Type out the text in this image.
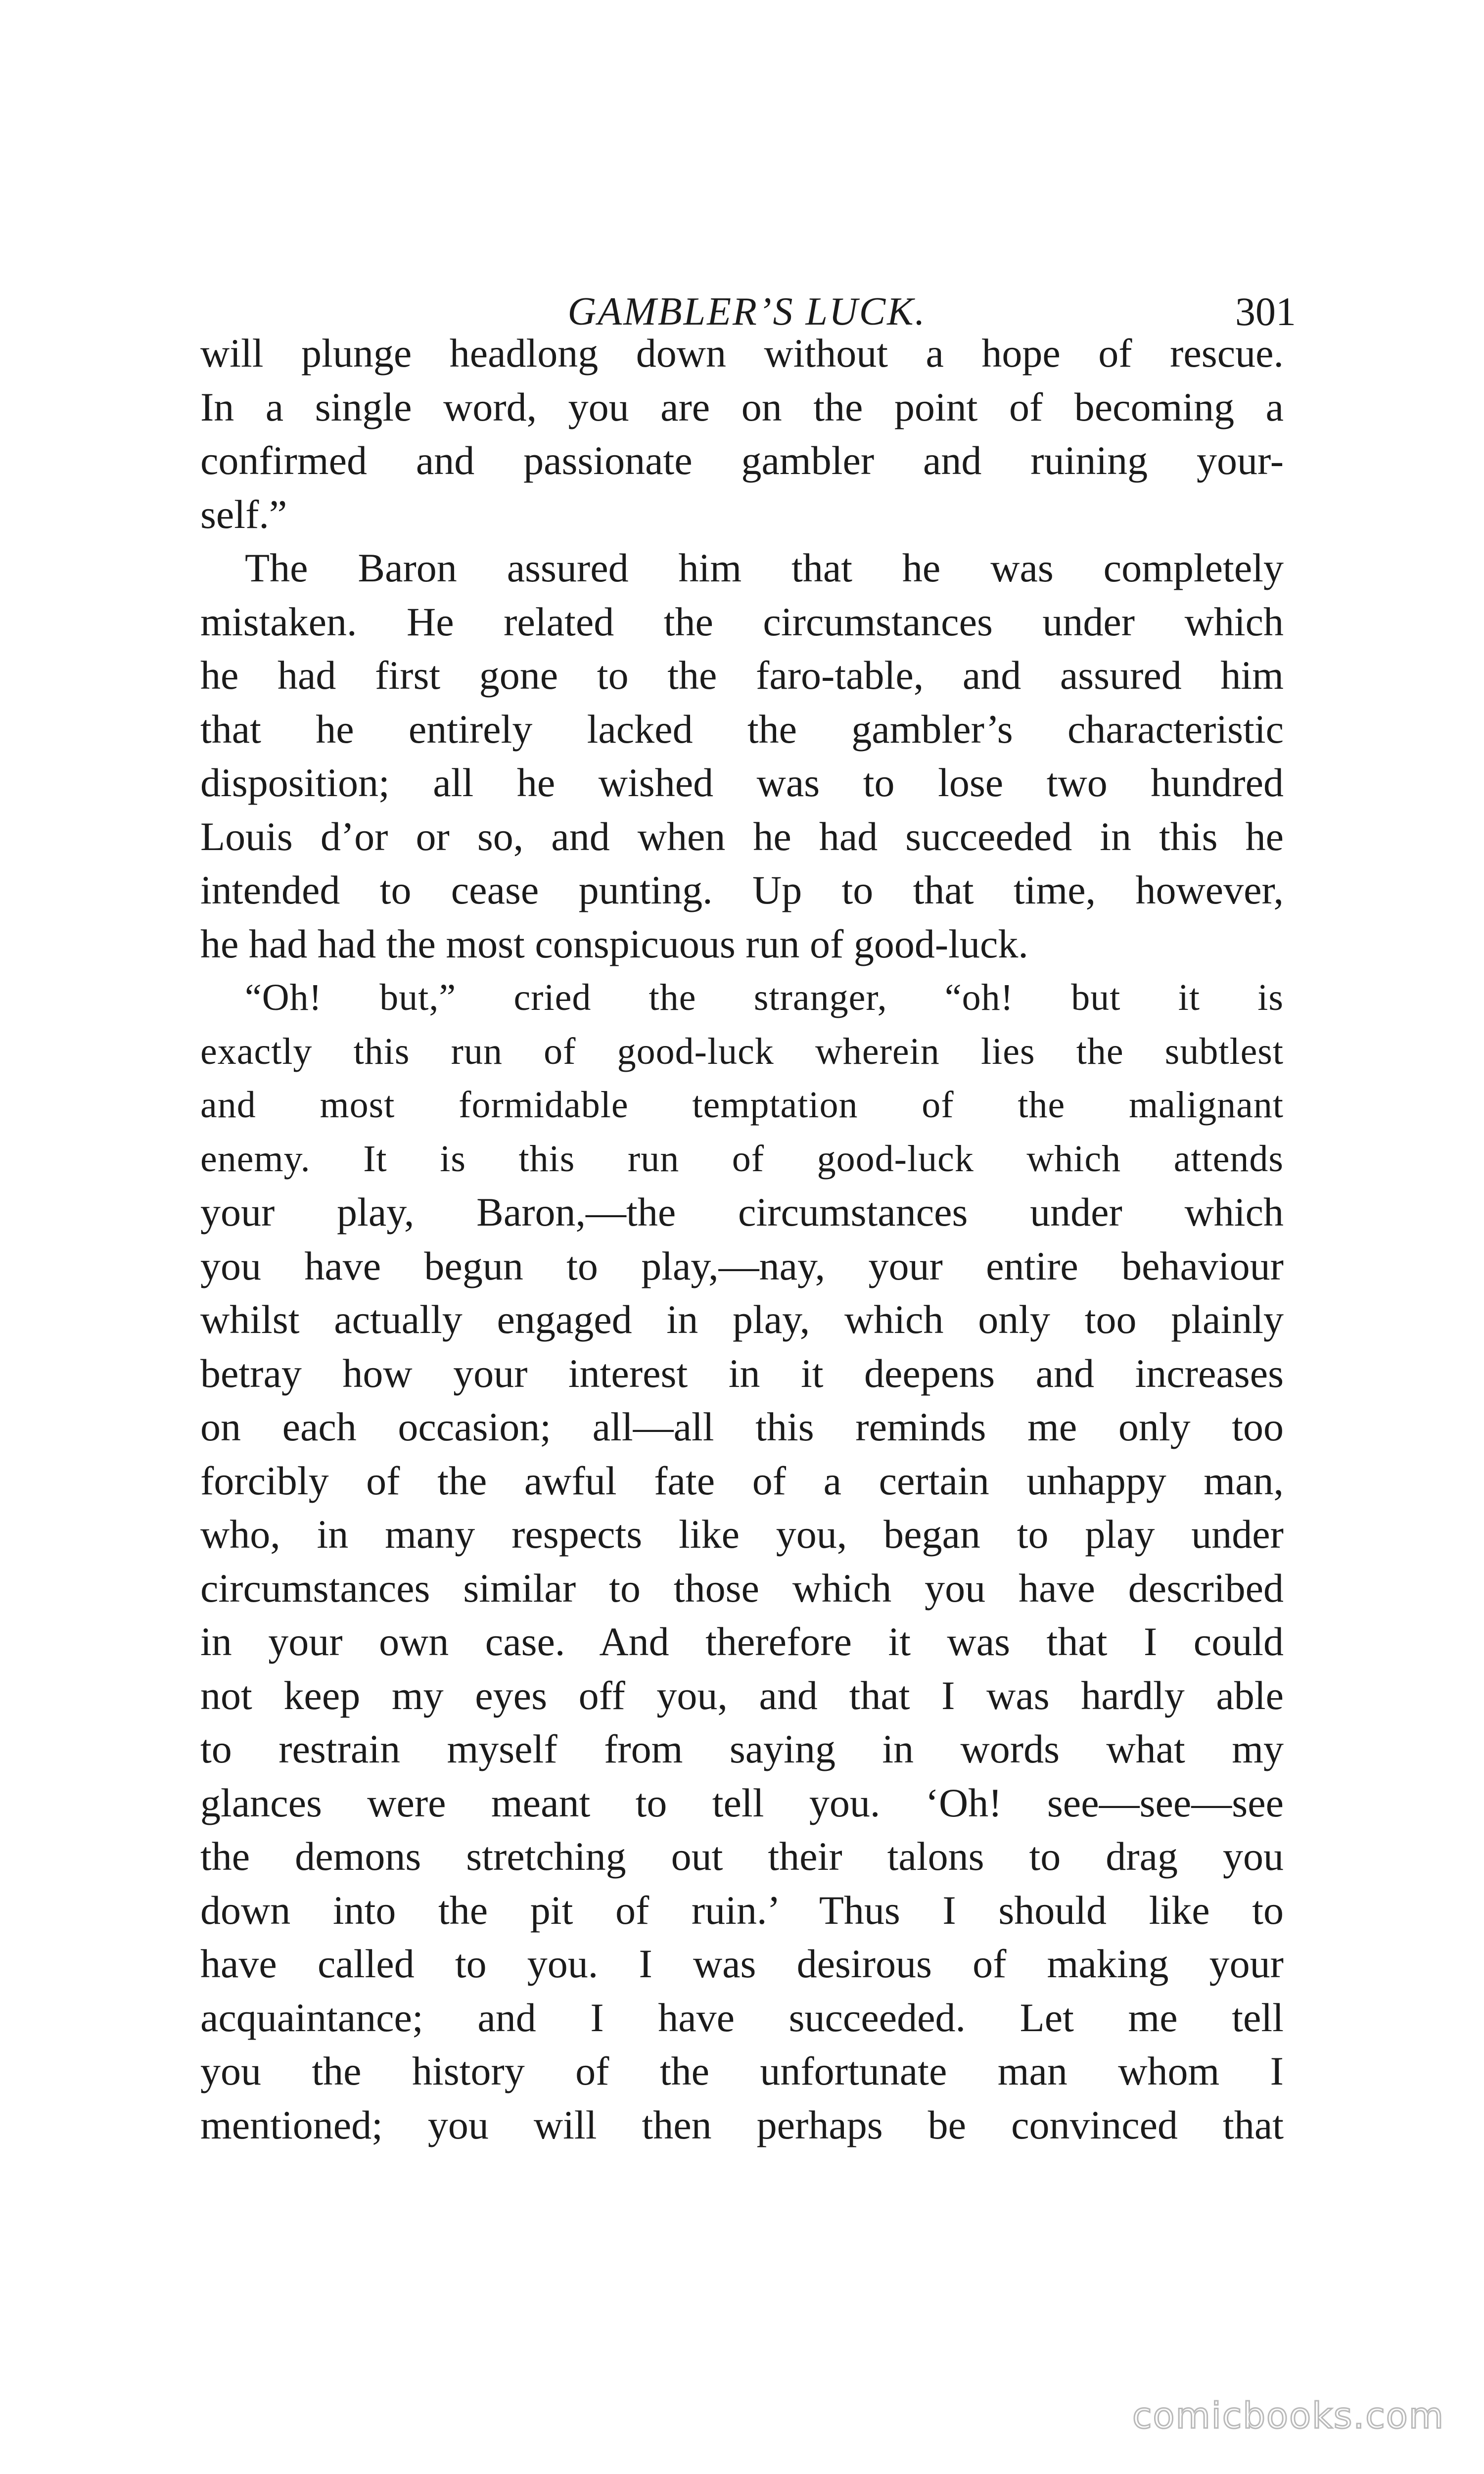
GAMBLER’S LUCK.	301
will plunge headlong down without a hope of rescue.
In a single word, you are on the point of becoming a
confirmed and passionate gambler and ruining your-
self.”
The Baron assured him that he was completely
mistaken. He related the circumstances under which
he had first gone to the faro-table, and assured him
that he entirely lacked the gambler’s characteristic
disposition; all he wished was to lose two hundred
Louis d’or or so, and when he had succeeded in this he
intended to cease punting. Up to that time, however,
he had had the most conspicuous run of good-luck.
“Oh! but,” cried the stranger, “oh! but it is
exactly this run of good-luck wherein lies the subtlest
and most formidable temptation of the malignant
enemy. It is this run of good-luck which attends
your play, Baron,—the circumstances under which
you have begun to play,—nay, your entire behaviour
whilst actually engaged in play, which only too plainly
betray how your interest in it deepens and increases
on each occasion; all—all this reminds me only too
forcibly of the awful fate of a certain unhappy man,
who, in many respects like you, began to play under
circumstances similar to those which you have described
in your own case. And therefore it was that I could
not keep my eyes off you, and that I was hardly able
to restrain myself from saying in words what my
glances were meant to tell you. ‘Oh! see—see—see
the demons stretching out their talons to drag you
down into the pit of ruin.’ Thus I should like to
have called to you. I was desirous of making your
acquaintance; and I have succeeded. Let me tell
you the history of the unfortunate man whom I
mentioned; you will then perhaps be convinced that
comicbooks.com
